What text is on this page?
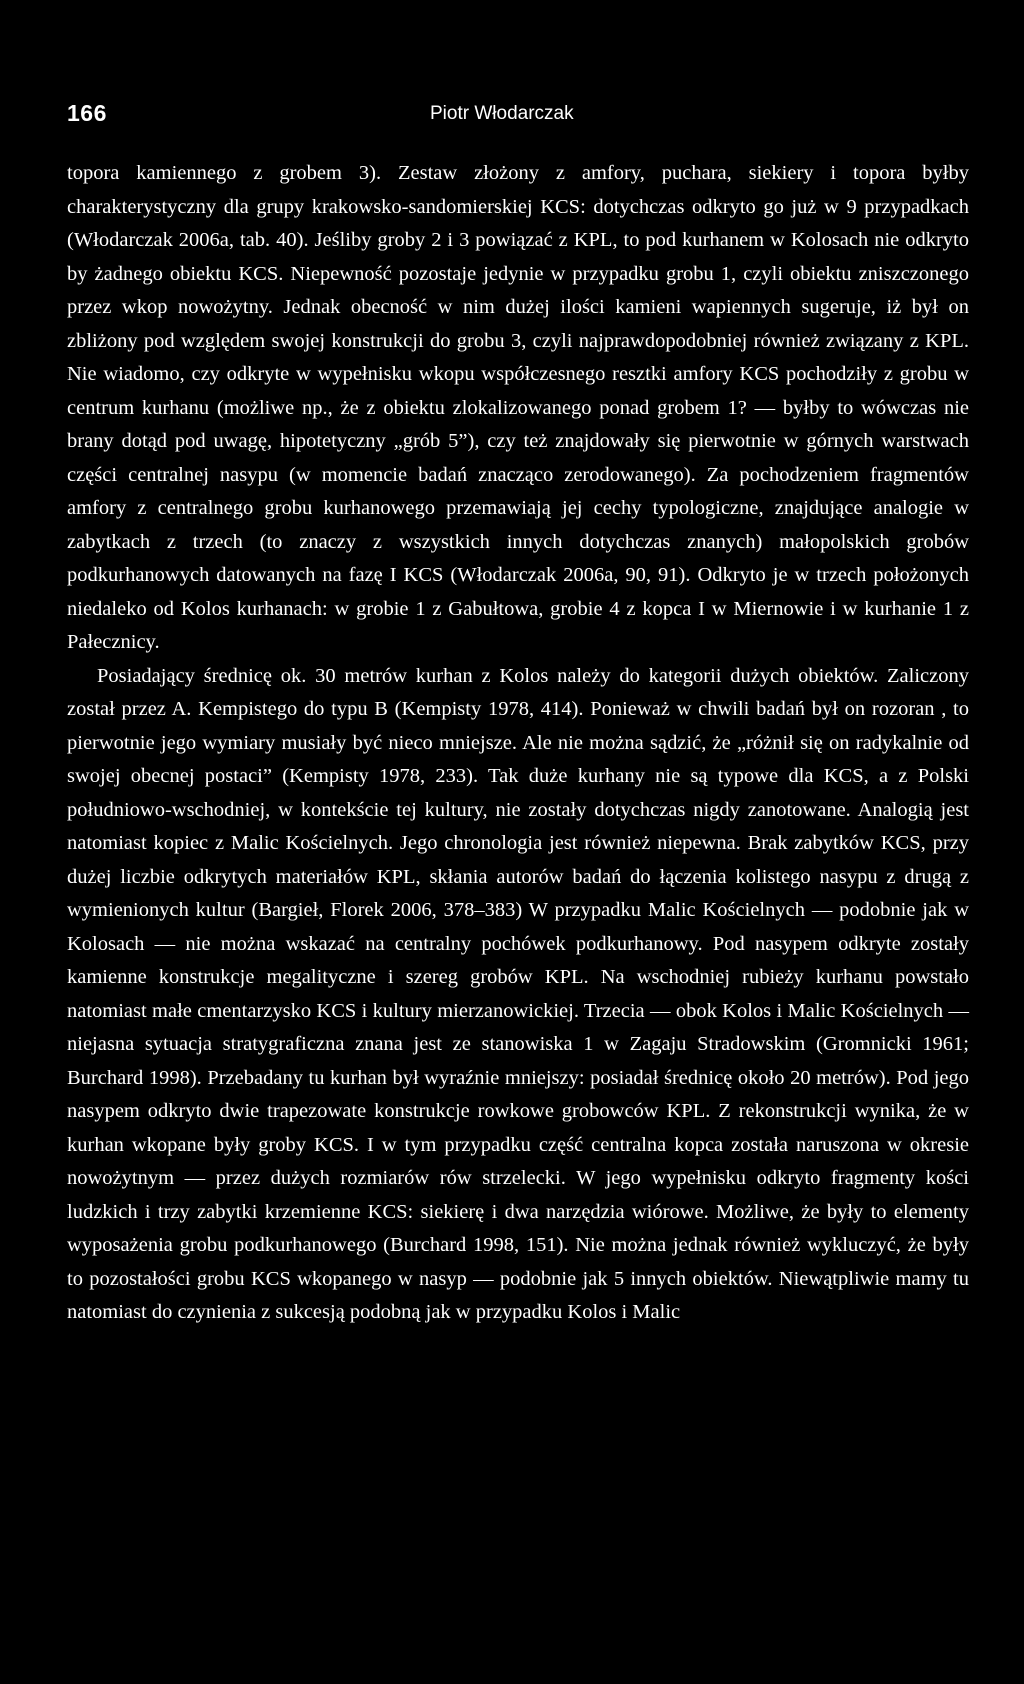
166	Piotr Włodarczak

topora kamiennego z grobem 3). Zestaw złożony z amfory, puchara, siekiery i topora byłby charakterystyczny dla grupy krakowsko-sandomierskiej KCS: dotychczas odkryto go już w 9 przypadkach (Włodarczak 2006a, tab. 40). Jeśliby groby 2 i 3 powiązać z KPL, to pod kurhanem w Kolosach nie odkryto by żadnego obiektu KCS. Niepewność pozostaje jedynie w przypadku grobu 1, czyli obiektu zniszczonego przez wkop nowożytny. Jednak obecność w nim dużej ilości kamieni wapiennych sugeruje, iż był on zbliżony pod względem swojej konstrukcji do grobu 3, czyli najprawdopodobniej również związany z KPL. Nie wiadomo, czy odkryte w wypełnisku wkopu współczesnego resztki amfory KCS pochodziły z grobu w centrum kurhanu (możliwe np., że z obiektu zlokalizowanego ponad grobem 1? — byłby to wówczas nie brany dotąd pod uwagę, hipotetyczny „grób 5”), czy też znajdowały się pierwotnie w górnych warstwach części centralnej nasypu (w momencie badań znacząco zerodowanego). Za pochodzeniem fragmentów amfory z centralnego grobu kurhanowego przemawiają jej cechy typologiczne, znajdujące analogie w zabytkach z trzech (to znaczy z wszystkich innych dotychczas znanych) małopolskich grobów podkurhanowych datowanych na fazę I KCS (Włodarczak 2006a, 90, 91). Odkryto je w trzech położonych niedaleko od Kolos kurhanach: w grobie 1 z Gabułtowa, grobie 4 z kopca I w Miernowie i w kurhanie 1 z Pałecznicy.

Posiadający średnicę ok. 30 metrów kurhan z Kolos należy do kategorii dużych obiektów. Zaliczony został przez A. Kempistego do typu B (Kempisty 1978, 414). Ponieważ w chwili badań był on rozoran , to pierwotnie jego wymiary musiały być nieco mniejsze. Ale nie można sądzić, że „różnił się on radykalnie od swojej obecnej postaci” (Kempisty 1978, 233). Tak duże kurhany nie są typowe dla KCS, a z Polski południowo-wschodniej, w kontekście tej kultury, nie zostały dotychczas nigdy zanotowane. Analogią jest natomiast kopiec z Malic Kościelnych. Jego chronologia jest również niepewna. Brak zabytków KCS, przy dużej liczbie odkrytych materiałów KPL, skłania autorów badań do łączenia kolistego nasypu z drugą z wymienionych kultur (Bargieł, Florek 2006, 378–383) W przypadku Malic Kościelnych — podobnie jak w Kolosach — nie można wskazać na centralny pochówek podkurhanowy. Pod nasypem odkryte zostały kamienne konstrukcje megalityczne i szereg grobów KPL. Na wschodniej rubieży kurhanu powstało natomiast małe cmentarzysko KCS i kultury mierzanowickiej. Trzecia — obok Kolos i Malic Kościelnych — niejasna sytuacja stratygraficzna znana jest ze stanowiska 1 w Zagaju Stradowskim (Gromnicki 1961; Burchard 1998). Przebadany tu kurhan był wyraźnie mniejszy: posiadał średnicę około 20 metrów). Pod jego nasypem odkryto dwie trapezowate konstrukcje rowkowe grobowców KPL. Z rekonstrukcji wynika, że w kurhan wkopane były groby KCS. I w tym przypadku część centralna kopca została naruszona w okresie nowożytnym — przez dużych rozmiarów rów strzelecki. W jego wypełnisku odkryto fragmenty kości ludzkich i trzy zabytki krzemienne KCS: siekierę i dwa narzędzia wiórowe. Możliwe, że były to elementy wyposażenia grobu podkurhanowego (Burchard 1998, 151). Nie można jednak również wykluczyć, że były to pozostałości grobu KCS wkopanego w nasyp — podobnie jak 5 innych obiektów. Niewątpliwie mamy tu natomiast do czynienia z sukcesją podobną jak w przypadku Kolos i Malic
